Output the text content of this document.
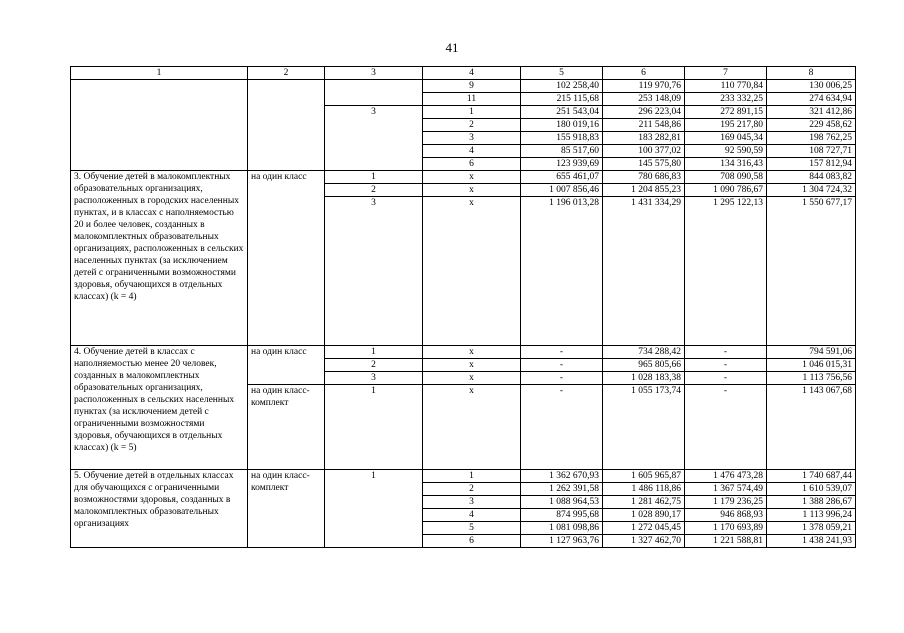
41
1	2	3	4	5	6	7	8
			9	102 258,40	119 970,76	110 770,84	130 006,25
			11	215 115,68	253 148,09	233 332,25	274 634,94
		3	1	251 543,04	296 223,04	272 891,15	321 412,86
			2	180 019,16	211 548,86	195 217,80	229 458,62
			3	155 918,83	183 282,81	169 045,34	198 762,25
			4	85 517,60	100 377,02	92 590,59	108 727,71
			6	123 939,69	145 575,80	134 316,43	157 812,94
3. Обучение детей в малокомплектных образовательных организациях, расположенных в городских населенных пунктах, и в классах с наполняемостью 20 и более человек, созданных в малокомплектных образовательных организациях, расположенных в сельских населенных пунктах (за исключением детей с ограниченными возможностями здоровья, обучающихся в отдельных классах) (k = 4)	на один класс	1	x	655 461,07	780 686,83	708 090,58	844 083,82
		2	x	1 007 856,46	1 204 855,23	1 090 786,67	1 304 724,32
		3	x	1 196 013,28	1 431 334,29	1 295 122,13	1 550 677,17
4. Обучение детей в классах с наполняемостью менее 20 человек, созданных в малокомплектных образовательных организациях, расположенных в сельских населенных пунктах (за исключением детей с ограниченными возможностями здоровья, обучающихся в отдельных классах) (k = 5)	на один класс	1	x	-	734 288,42	-	794 591,06
		2	x	-	965 805,66	-	1 046 015,31
		3	x	-	1 028 183,38	-	1 113 756,56
	на один класс-комплект	1	x	-	1 055 173,74	-	1 143 067,68
5. Обучение детей в отдельных классах для обучающихся с ограниченными возможностями здоровья, созданных в малокомплектных образовательных организациях	на один класс-комплект	1	1	1 362 670,93	1 605 965,87	1 476 473,28	1 740 687,44
			2	1 262 391,58	1 486 118,86	1 367 574,49	1 610 539,07
			3	1 088 964,53	1 281 462,75	1 179 236,25	1 388 286,67
			4	874 995,68	1 028 890,17	946 868,93	1 113 996,24
			5	1 081 098,86	1 272 045,45	1 170 693,89	1 378 059,21
			6	1 127 963,76	1 327 462,70	1 221 588,81	1 438 241,93
